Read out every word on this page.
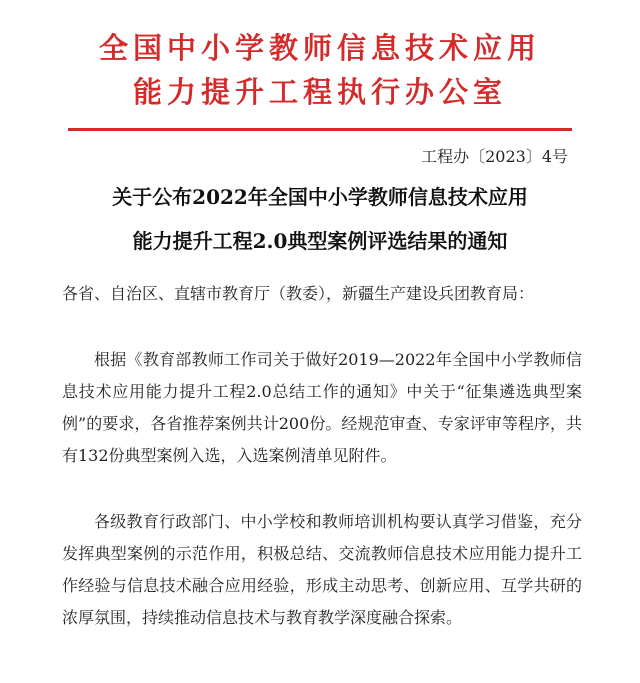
全国中小学教师信息技术应用
能力提升工程执行办公室
工程办〔2023〕4号
关于公布2022年全国中小学教师信息技术应用
能力提升工程2.0典型案例评选结果的通知

各省、自治区、直辖市教育厅（教委），新疆生产建设兵团教育局：

根据《教育部教师工作司关于做好2019—2022年全国中小学教师信息技术应用能力提升工程2.0总结工作的通知》中关于“征集遴选典型案例”的要求，各省推荐案例共计200份。经规范审查、专家评审等程序，共有132份典型案例入选，入选案例清单见附件。

各级教育行政部门、中小学校和教师培训机构要认真学习借鉴，充分发挥典型案例的示范作用，积极总结、交流教师信息技术应用能力提升工作经验与信息技术融合应用经验，形成主动思考、创新应用、互学共研的浓厚氛围，持续推动信息技术与教育教学深度融合探索。
